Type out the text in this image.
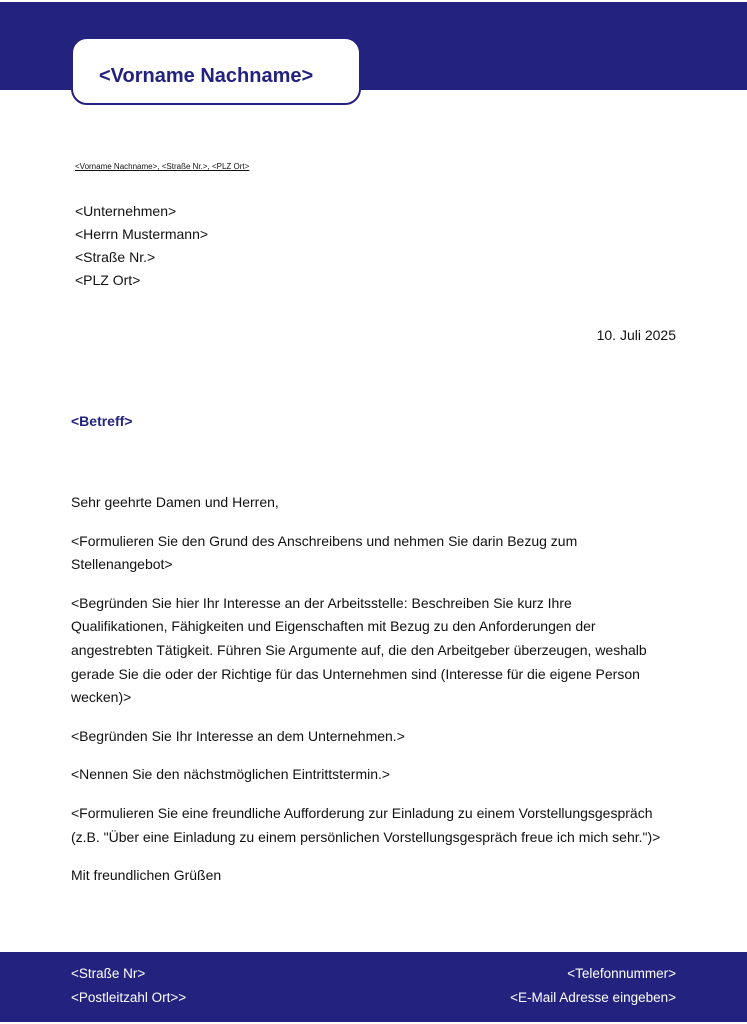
<Vorname Nachname>
<Vorname Nachname>, <Straße Nr.>, <PLZ Ort>
<Unternehmen>
<Herrn Mustermann>
<Straße Nr.>
<PLZ Ort>
10. Juli 2025
<Betreff>

Sehr geehrte Damen und Herren,

<Formulieren Sie den Grund des Anschreibens und nehmen Sie darin Bezug zum Stellenangebot>

<Begründen Sie hier Ihr Interesse an der Arbeitsstelle: Beschreiben Sie kurz Ihre Qualifikationen, Fähigkeiten und Eigenschaften mit Bezug zu den Anforderungen der angestrebten Tätigkeit. Führen Sie Argumente auf, die den Arbeitgeber überzeugen, weshalb gerade Sie die oder der Richtige für das Unternehmen sind (Interesse für die eigene Person wecken)>

<Begründen Sie Ihr Interesse an dem Unternehmen.>

<Nennen Sie den nächstmöglichen Eintrittstermin.>

<Formulieren Sie eine freundliche Aufforderung zur Einladung zu einem Vorstellungsgespräch (z.B. "Über eine Einladung zu einem persönlichen Vorstellungsgespräch freue ich mich sehr.")>

Mit freundlichen Grüßen

<Straße Nr>
<Postleitzahl Ort>>
<Telefonnummer>
<E-Mail Adresse eingeben>
